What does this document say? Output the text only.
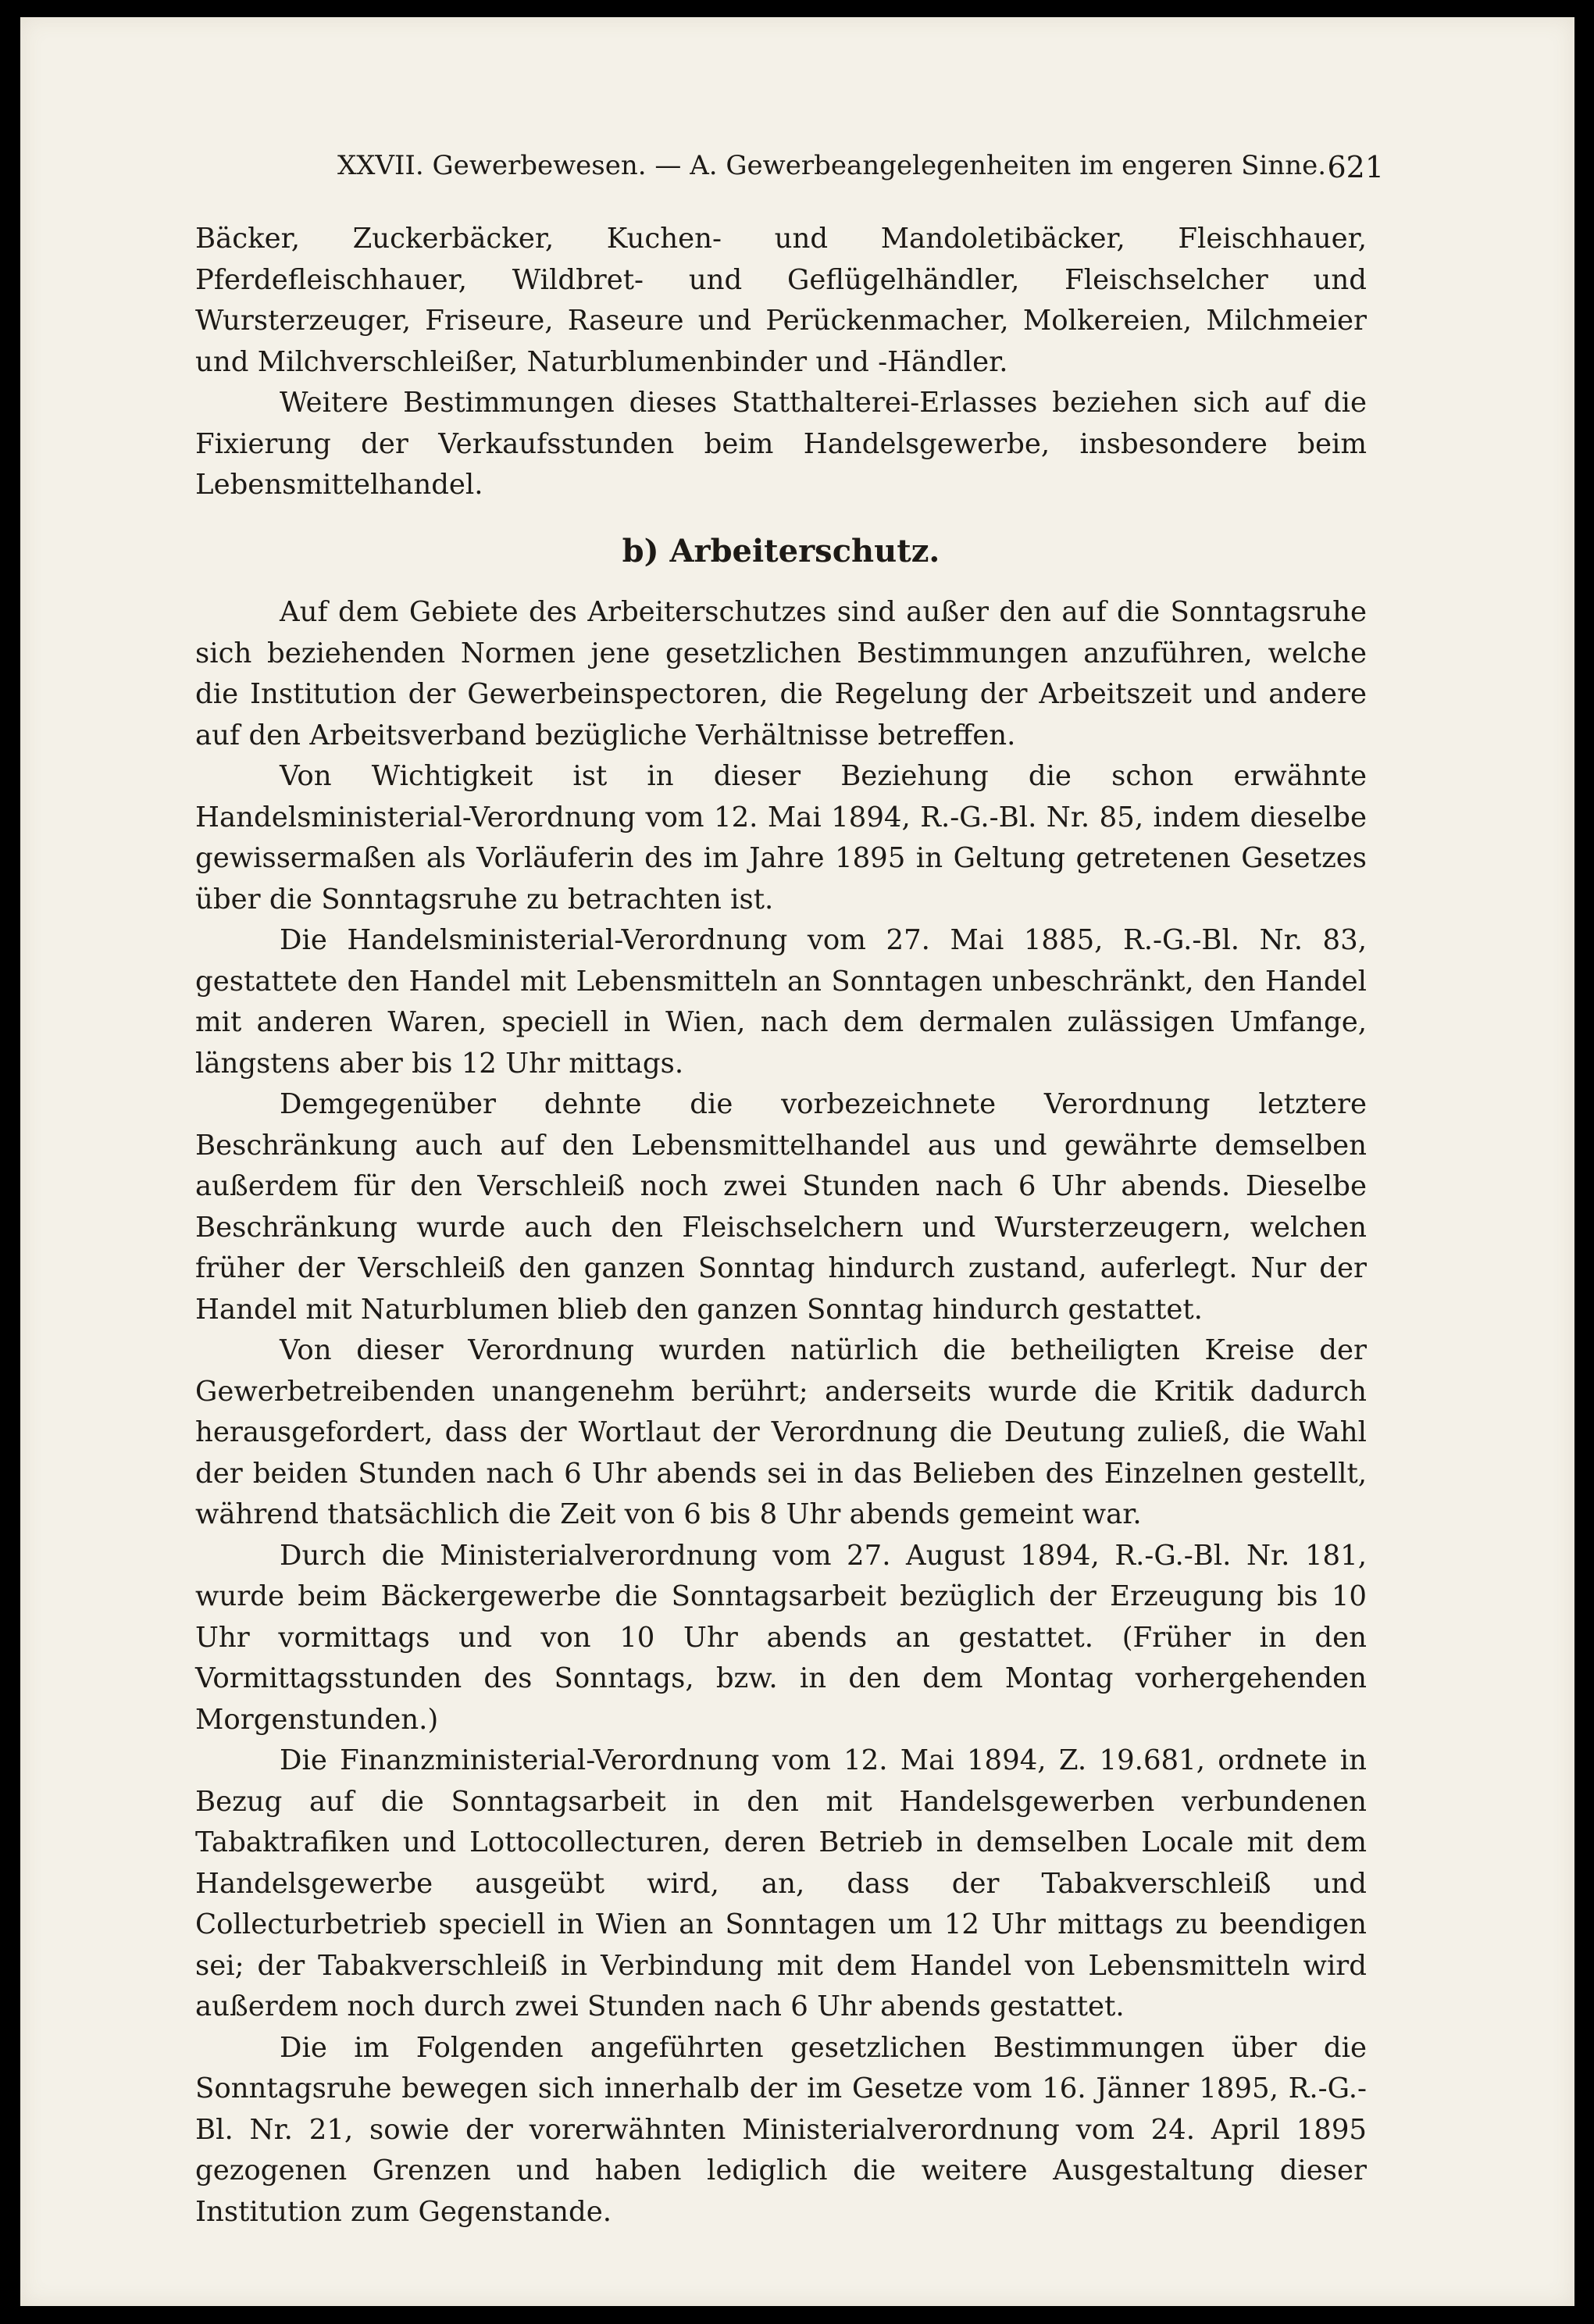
XXVII. Gewerbewesen. — A. Gewerbeangelegenheiten im engeren Sinne. 621

Bäcker, Zuckerbäcker, Kuchen- und Mandoletibäcker, Fleischhauer, Pferdefleischhauer, Wildbret- und Geflügelhändler, Fleischselcher und Wursterzeuger, Friseure, Raseure und Perückenmacher, Molkereien, Milchmeier und Milchverschleißer, Naturblumenbinder und -Händler.

Weitere Bestimmungen dieses Statthalterei-Erlasses beziehen sich auf die Fixierung der Verkaufsstunden beim Handelsgewerbe, insbesondere beim Lebensmittelhandel.

b) Arbeiterschutz.

Auf dem Gebiete des Arbeiterschutzes sind außer den auf die Sonntagsruhe sich beziehenden Normen jene gesetzlichen Bestimmungen anzuführen, welche die Institution der Gewerbeinspectoren, die Regelung der Arbeitszeit und andere auf den Arbeitsverband bezügliche Verhältnisse betreffen.

Von Wichtigkeit ist in dieser Beziehung die schon erwähnte Handelsministerial-Verordnung vom 12. Mai 1894, R.-G.-Bl. Nr. 85, indem dieselbe gewissermaßen als Vorläuferin des im Jahre 1895 in Geltung getretenen Gesetzes über die Sonntagsruhe zu betrachten ist.

Die Handelsministerial-Verordnung vom 27. Mai 1885, R.-G.-Bl. Nr. 83, gestattete den Handel mit Lebensmitteln an Sonntagen unbeschränkt, den Handel mit anderen Waren, speciell in Wien, nach dem dermalen zulässigen Umfange, längstens aber bis 12 Uhr mittags.

Demgegenüber dehnte die vorbezeichnete Verordnung letztere Beschränkung auch auf den Lebensmittelhandel aus und gewährte demselben außerdem für den Verschleiß noch zwei Stunden nach 6 Uhr abends. Dieselbe Beschränkung wurde auch den Fleischselchern und Wursterzeugern, welchen früher der Verschleiß den ganzen Sonntag hindurch zustand, auferlegt. Nur der Handel mit Naturblumen blieb den ganzen Sonntag hindurch gestattet.

Von dieser Verordnung wurden natürlich die betheiligten Kreise der Gewerbetreibenden unangenehm berührt; anderseits wurde die Kritik dadurch herausgefordert, dass der Wortlaut der Verordnung die Deutung zuließ, die Wahl der beiden Stunden nach 6 Uhr abends sei in das Belieben des Einzelnen gestellt, während thatsächlich die Zeit von 6 bis 8 Uhr abends gemeint war.

Durch die Ministerialverordnung vom 27. August 1894, R.-G.-Bl. Nr. 181, wurde beim Bäckergewerbe die Sonntagsarbeit bezüglich der Erzeugung bis 10 Uhr vormittags und von 10 Uhr abends an gestattet. (Früher in den Vormittagsstunden des Sonntags, bzw. in den dem Montag vorhergehenden Morgenstunden.)

Die Finanzministerial-Verordnung vom 12. Mai 1894, Z. 19.681, ordnete in Bezug auf die Sonntagsarbeit in den mit Handelsgewerben verbundenen Tabaktrafiken und Lottocollecturen, deren Betrieb in demselben Locale mit dem Handelsgewerbe ausgeübt wird, an, dass der Tabakverschleiß und Collecturbetrieb speciell in Wien an Sonntagen um 12 Uhr mittags zu beendigen sei; der Tabakverschleiß in Verbindung mit dem Handel von Lebensmitteln wird außerdem noch durch zwei Stunden nach 6 Uhr abends gestattet.

Die im Folgenden angeführten gesetzlichen Bestimmungen über die Sonntagsruhe bewegen sich innerhalb der im Gesetze vom 16. Jänner 1895, R.-G.-Bl. Nr. 21, sowie der vorerwähnten Ministerialverordnung vom 24. April 1895 gezogenen Grenzen und haben lediglich die weitere Ausgestaltung dieser Institution zum Gegenstande.
